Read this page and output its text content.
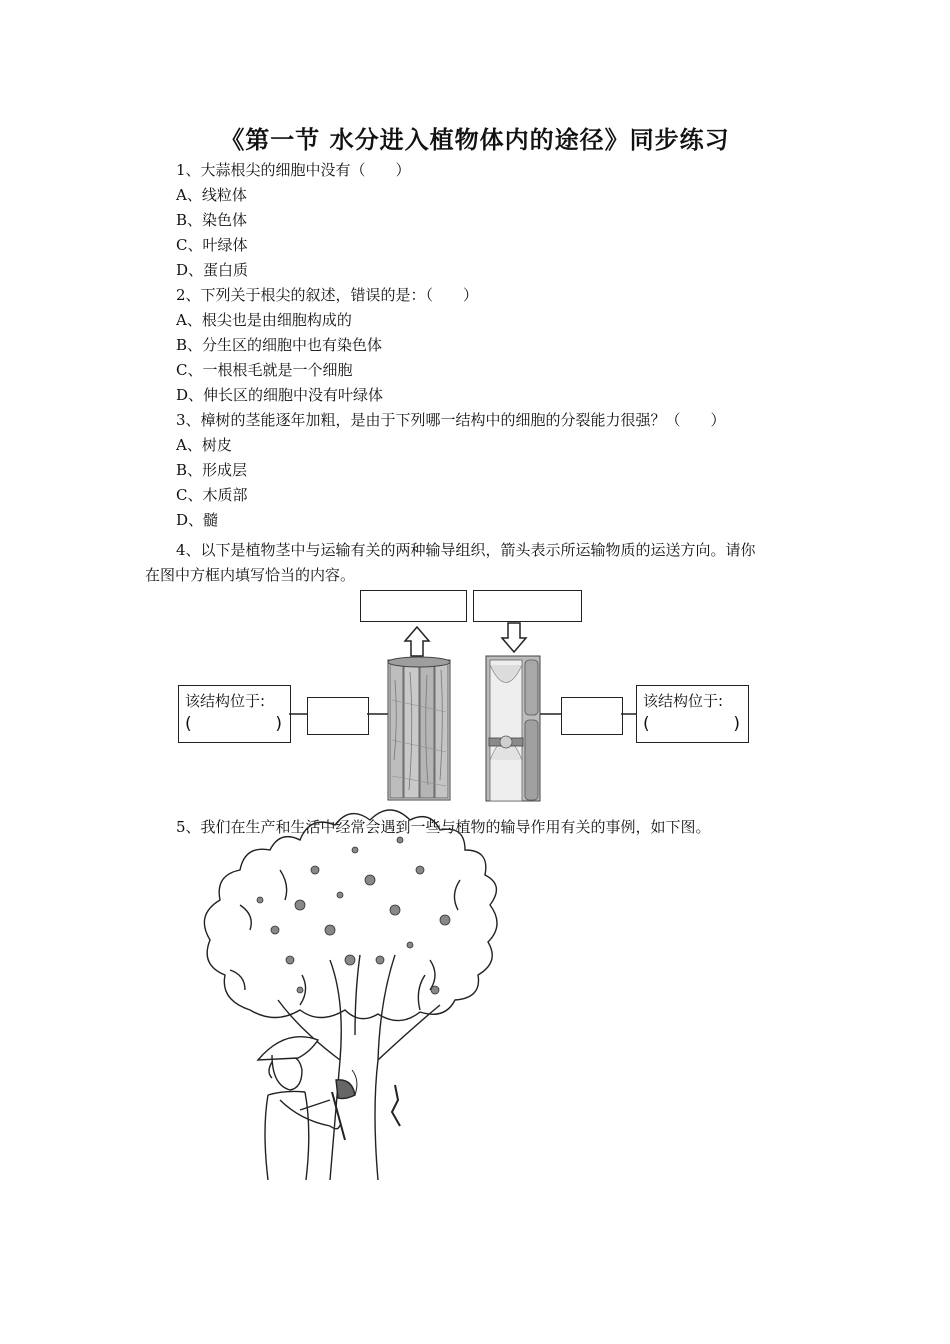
《第一节 水分进入植物体内的途径》同步练习
1、大蒜根尖的细胞中没有（　　）
A、线粒体
B、染色体
C、叶绿体
D、蛋白质
2、下列关于根尖的叙述，错误的是：（　　）
A、根尖也是由细胞构成的
B、分生区的细胞中也有染色体
C、一根根毛就是一个细胞
D、伸长区的细胞中没有叶绿体
3、樟树的茎能逐年加粗，是由于下列哪一结构中的细胞的分裂能力很强？（　　）
A、树皮
B、形成层
C、木质部
D、髓
4、以下是植物茎中与运输有关的两种输导组织，箭头表示所运输物质的运送方向。请你
在图中方框内填写恰当的内容。
该结构位于:
(	)
该结构位于:
(	)
5、我们在生产和生活中经常会遇到一些与植物的输导作用有关的事例，如下图。
